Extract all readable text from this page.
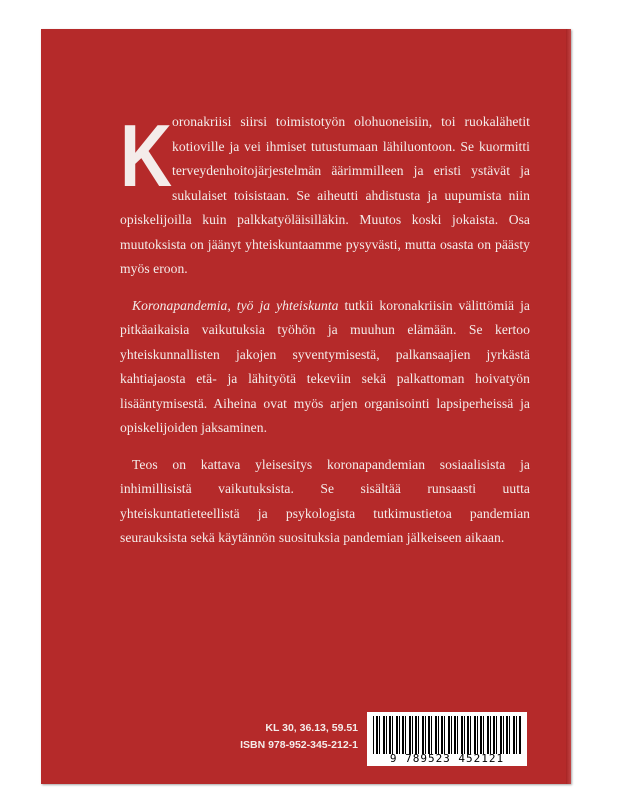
K oronakriisi siirsi toimistotyön olohuoneisiin, toi ruokalähetit kotioville ja vei ihmiset tutustumaan lähiluontoon. Se kuormitti terveydenhoitojärjestelmän äärimmilleen ja eristi ystävät ja sukulaiset toisistaan. Se aiheutti ahdistusta ja uupumista niin opiskelijoilla kuin palkkatyöläisilläkin. Muutos koski jokaista. Osa muutoksista on jäänyt yhteiskuntaamme pysyvästi, mutta osasta on päästy myös eroon.

Koronapandemia, työ ja yhteiskunta tutkii koronakriisin välittömiä ja pitkäaikaisia vaikutuksia työhön ja muuhun elämään. Se kertoo yhteiskunnallisten jakojen syventymisestä, palkansaajien jyrkästä kahtiajaosta etä- ja lähityötä tekeviin sekä palkattoman hoivatyön lisääntymisestä. Aiheina ovat myös arjen organisointi lapsiperheissä ja opiskelijoiden jaksaminen.

Teos on kattava yleisesitys koronapandemian sosiaalisista ja inhimillisistä vaikutuksista. Se sisältää runsaasti uutta yhteiskuntatieteellistä ja psykologista tutkimustietoa pandemian seurauksista sekä käytännön suosituksia pandemian jälkeiseen aikaan.

KL 30, 36.13, 59.51
ISBN 978-952-345-212-1
9 789523 452121
